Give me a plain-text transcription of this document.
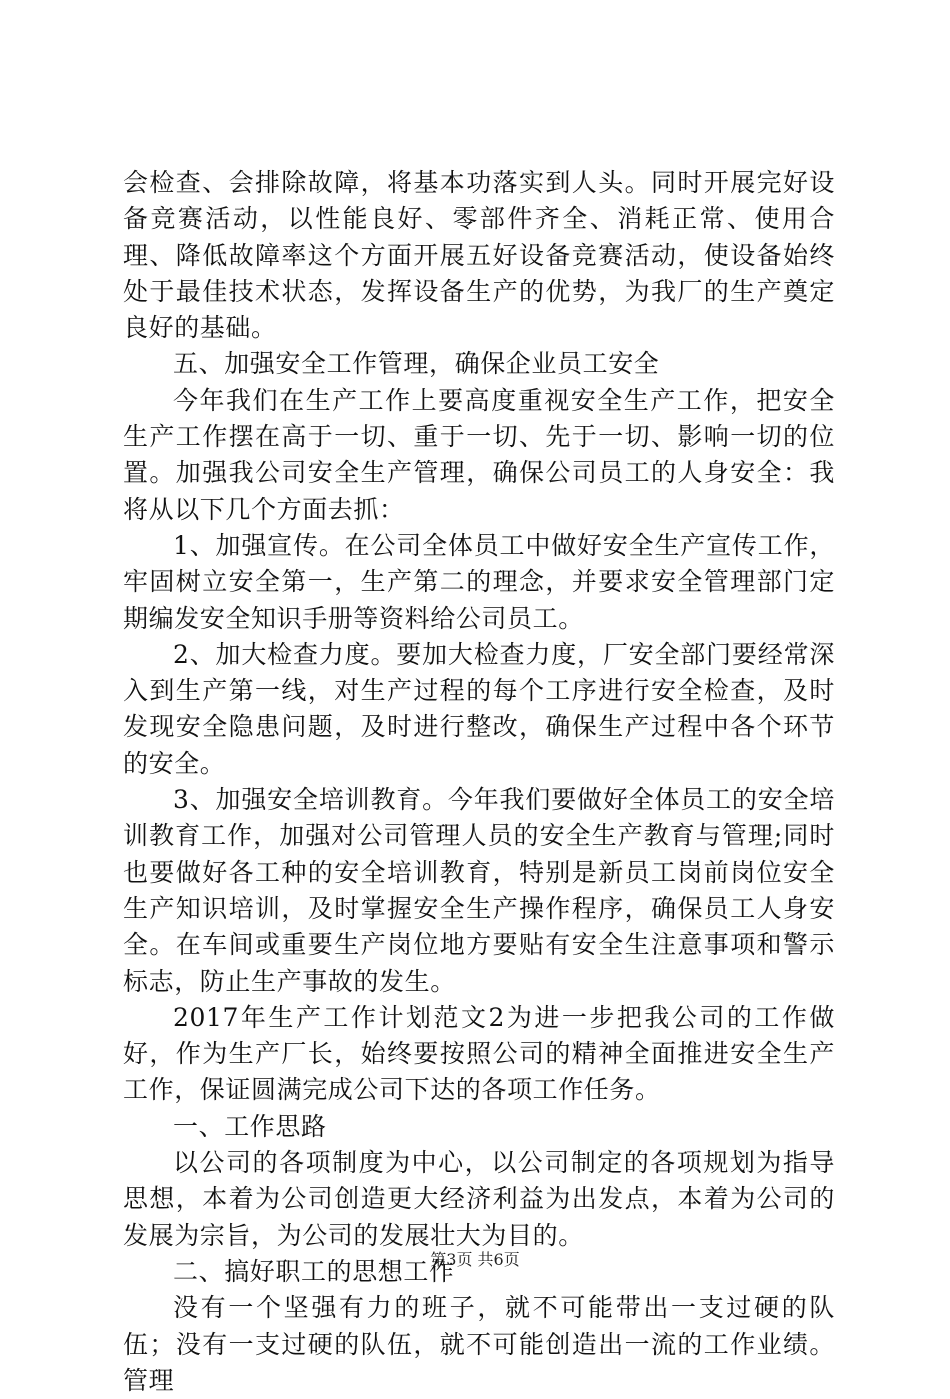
会检查、会排除故障，将基本功落实到人头。同时开展完好设备竞赛活动，以性能良好、零部件齐全、消耗正常、使用合理、降低故障率这个方面开展五好设备竞赛活动，使设备始终处于最佳技术状态，发挥设备生产的优势，为我厂的生产奠定良好的基础。

五、加强安全工作管理，确保企业员工安全

今年我们在生产工作上要高度重视安全生产工作，把安全生产工作摆在高于一切、重于一切、先于一切、影响一切的位置。加强我公司安全生产管理，确保公司员工的人身安全：我将从以下几个方面去抓：

1、加强宣传。在公司全体员工中做好安全生产宣传工作，牢固树立安全第一，生产第二的理念，并要求安全管理部门定期编发安全知识手册等资料给公司员工。

2、加大检查力度。要加大检查力度，厂安全部门要经常深入到生产第一线，对生产过程的每个工序进行安全检查，及时发现安全隐患问题，及时进行整改，确保生产过程中各个环节的安全。

3、加强安全培训教育。今年我们要做好全体员工的安全培训教育工作，加强对公司管理人员的安全生产教育与管理;同时也要做好各工种的安全培训教育，特别是新员工岗前岗位安全生产知识培训，及时掌握安全生产操作程序，确保员工人身安全。在车间或重要生产岗位地方要贴有安全生注意事项和警示标志，防止生产事故的发生。

2017年生产工作计划范文2为进一步把我公司的工作做好，作为生产厂长，始终要按照公司的精神全面推进安全生产工作，保证圆满完成公司下达的各项工作任务。

一、工作思路

以公司的各项制度为中心，以公司制定的各项规划为指导思想，本着为公司创造更大经济利益为出发点，本着为公司的发展为宗旨，为公司的发展壮大为目的。

二、搞好职工的思想工作

没有一个坚强有力的班子，就不可能带出一支过硬的队伍；没有一支过硬的队伍，就不可能创造出一流的工作业绩。管理

第3页 共6页
